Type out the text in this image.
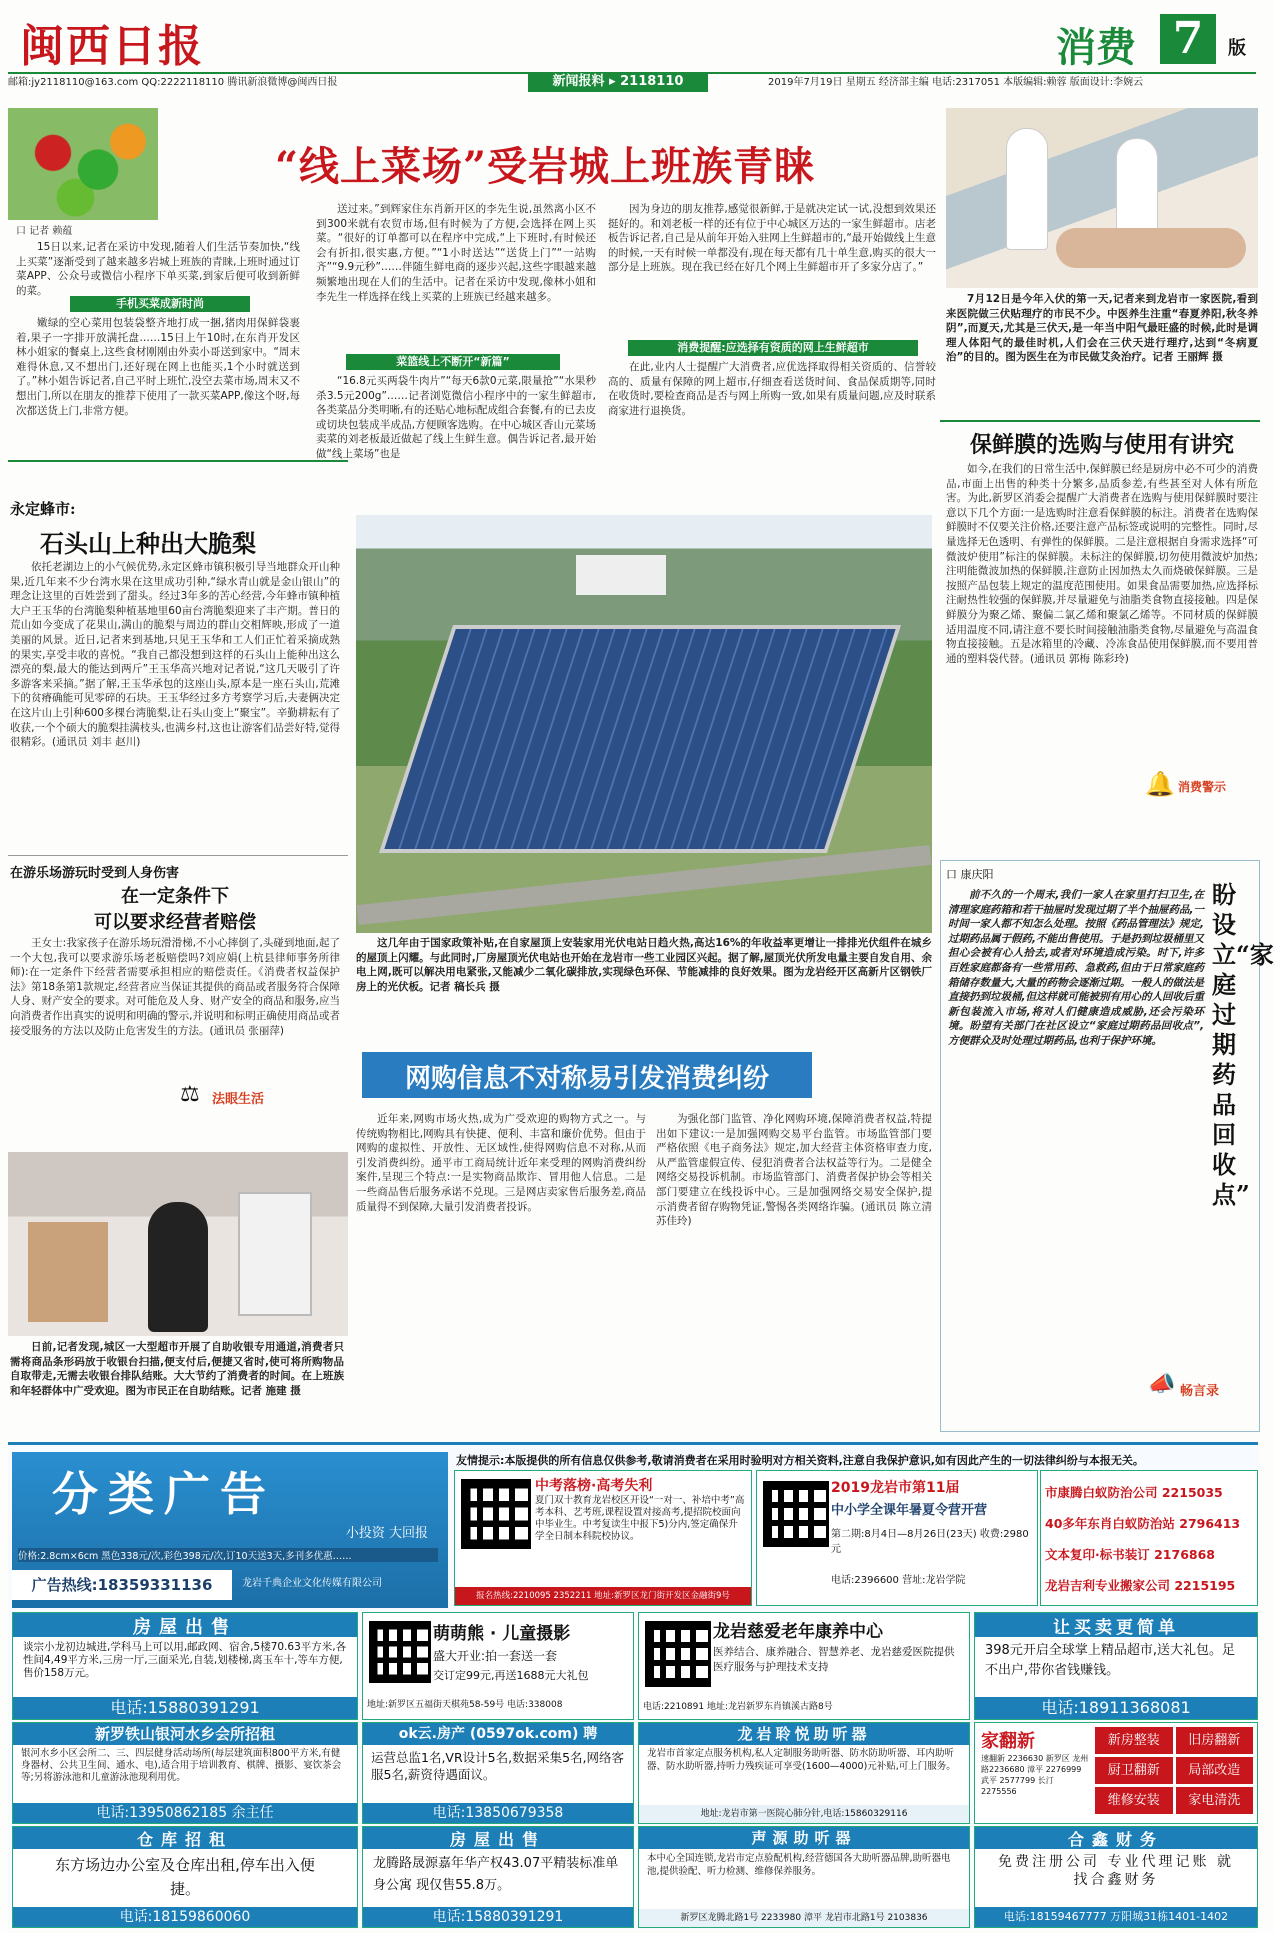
闽西日报	消费 7	版
邮箱:jy2118110@163.com QQ:2222118110 腾讯新浪微博@闽西日报	新闻报料 ▸ 2118110	2019年7月19日 星期五 经济部主编 电话:2317051 本版编辑:赖蓉 版面设计:李婉云
“线上菜场”受岩城上班族青睐
口 记者 赖蕴

15日以来,记者在采访中发现,随着人们生活节奏加快,“线上买菜”逐渐受到了越来越多岩城上班族的青睐,上班时通过订菜APP、公众号或微信小程序下单买菜,到家后便可收到新鲜的菜。

手机买菜成新时尚

嫩绿的空心菜用包装袋整齐地打成一捆,猪肉用保鲜袋裹着,果子一字排开放满托盘……15日上午10时,在东肖开发区林小姐家的餐桌上,这些食材刚刚由外卖小哥送到家中。“周末难得休息,又不想出门,还好现在网上也能买,1个小时就送到了。”林小姐告诉记者,自己平时上班忙,没空去菜市场,周末又不想出门,所以在朋友的推荐下使用了一款买菜APP,像这个呀,每次都送货上门,非常方便。

送过来。”到辉家住东肖新开区的李先生说,虽然离小区不到300米就有农贸市场,但有时候为了方便,会选择在网上买菜。“很好的订单都可以在程序中完成,“上下班时,有时候还会有折扣,很实惠,方便。”“1小时送达”“送货上门”“一站购齐”“9.9元秒”……伴随生鲜电商的逐步兴起,这些字眼越来越频繁地出现在人们的生活中。记者在采访中发现,像林小姐和李先生一样选择在线上买菜的上班族已经越来越多。

菜篮线上不断开“新篇”

“16.8元买两袋牛肉片”“每天6款0元菜,限量抢”“水果秒杀3.5元200g”……记者浏览微信小程序中的一家生鲜超市,各类菜品分类明晰,有的还贴心地标配成组合套餐,有的已去皮或切块包装成半成品,方便顾客选购。在中心城区香山元菜场卖菜的刘老板最近做起了线上生鲜生意。偶告诉记者,最开始做“线上菜场”也是

因为身边的朋友推荐,感觉很新鲜,于是就决定试一试,没想到效果还挺好的。和刘老板一样的还有位于中心城区万达的一家生鲜超市。店老板告诉记者,自己是从前年开始入驻网上生鲜超市的,“最开始做线上生意的时候,一天有时候一单都没有,现在每天都有几十单生意,购买的很大一部分是上班族。现在我已经在好几个网上生鲜超市开了多家分店了。”

消费提醒:应选择有资质的网上生鲜超市

在此,业内人士提醒广大消费者,应优选择取得相关资质的、信誉较高的、质量有保障的网上超市,仔细查看送货时间、食品保质期等,同时在收货时,要检查商品是否与网上所购一致,如果有质量问题,应及时联系商家进行退换货。

7月12日是今年入伏的第一天,记者来到龙岩市一家医院,看到来医院做三伏贴理疗的市民不少。中医养生注重“春夏养阳,秋冬养阴”,而夏天,尤其是三伏天,是一年当中阳气最旺盛的时候,此时是调理人体阳气的最佳时机,人们会在三伏天进行理疗,达到“冬病夏治”的目的。图为医生在为市民做艾灸治疗。记者 王丽辉 摄

保鲜膜的选购与使用有讲究

如今,在我们的日常生活中,保鲜膜已经是厨房中必不可少的消费品,市面上出售的种类十分繁多,品质参差,有些甚至对人体有所危害。为此,新罗区消委会提醒广大消费者在选购与使用保鲜膜时要注意以下几个方面:一是选购时注意看保鲜膜的标注。消费者在选购保鲜膜时不仅要关注价格,还要注意产品标签或说明的完整性。同时,尽量选择无色透明、有弹性的保鲜膜。二是注意根据自身需求选择“可微波炉使用”标注的保鲜膜。未标注的保鲜膜,切勿使用微波炉加热;注明能微波加热的保鲜膜,注意防止因加热太久而烧破保鲜膜。三是按照产品包装上规定的温度范围使用。如果食品需要加热,应选择标注耐热性较强的保鲜膜,并尽量避免与油脂类食物直接接触。四是保鲜膜分为聚乙烯、聚偏二氯乙烯和聚氯乙烯等。不同材质的保鲜膜适用温度不同,请注意不要长时间接触油脂类食物,尽量避免与高温食物直接接触。五是冰箱里的冷藏、冷冻食品使用保鲜膜,而不要用普通的塑料袋代替。(通讯员 郭梅 陈彩玲)

🔔 消费警示
永定蜂市:
石头山上种出大脆梨

依托老湖边上的小气候优势,永定区蜂市镇积极引导当地群众开山种果,近几年来不少台湾水果在这里成功引种,“绿水青山就是金山银山”的理念让这里的百姓尝到了甜头。经过3年多的苦心经营,今年蜂市镇种植大户王玉华的台湾脆梨种植基地里60亩台湾脆梨迎来了丰产期。普日的荒山如今变成了花果山,满山的脆梨与周边的群山交相辉映,形成了一道美丽的风景。近日,记者来到基地,只见王玉华和工人们正忙着采摘成熟的果实,享受丰收的喜悦。“我自己都没想到这样的石头山上能种出这么漂亮的梨,最大的能达到两斤”王玉华高兴地对记者说,“这几天吸引了许多游客来采摘。”据了解,王玉华承包的这座山头,原本是一座石头山,荒滩下的贫瘠确能可见零碎的石块。王玉华经过多方考察学习后,夫妻俩决定在这片山上引种600多棵台湾脆梨,让石头山变上“聚宝”。辛勤耕耘有了收获,一个个硕大的脆梨挂满枝头,也满乡村,这也让游客们品尝好特,觉得很精彩。(通讯员 刘丰 赵川)

在游乐场游玩时受到人身伤害
在一定条件下
可以要求经营者赔偿

王女士:我家孩子在游乐场玩滑滑梯,不小心摔倒了,头碰到地面,起了一个大包,我可以要求游乐场老板赔偿吗?刘应娟(上杭县律师事务所律师):在一定条件下经营者需要承担相应的赔偿责任。《消费者权益保护法》第18条第1款规定,经营者应当保证其提供的商品或者服务符合保障人身、财产安全的要求。对可能危及人身、财产安全的商品和服务,应当向消费者作出真实的说明和明确的警示,并说明和标明正确使用商品或者接受服务的方法以及防止危害发生的方法。(通讯员 张丽萍)

⚖ 法眼生活

日前,记者发现,城区一大型超市开展了自助收银专用通道,消费者只需将商品条形码放于收银台扫描,便支付后,便捷又省时,使可将所购物品自取带走,无需去收银台排队结账。大大节约了消费者的时间。在上班族和年轻群体中广受欢迎。图为市民正在自助结账。记者 施建 摄

这几年由于国家政策补贴,在自家屋顶上安装家用光伏电站日趋火热,高达16%的年收益率更增让一排排光伏组件在城乡的屋顶上闪耀。与此同时,厂房屋顶光伏电站也开始在龙岩市一些工业园区兴起。据了解,屋顶光伏所发电量主要自发自用、余电上网,既可以解决用电紧张,又能减少二氧化碳排放,实现绿色环保、节能减排的良好效果。图为龙岩经开区高新片区钢铁厂房上的光伏板。记者 稿长兵 摄

网购信息不对称易引发消费纠纷

近年来,网购市场火热,成为广受欢迎的购物方式之一。与传统购物相比,网购具有快捷、便利、丰富和廉价优势。但由于网购的虚拟性、开放性、无区域性,使得网购信息不对称,从而引发消费纠纷。通平市工商局统计近年来受理的网购消费纠纷案件,呈现三个特点:一是实物商品欺诈、冒用他人信息。二是一些商品售后服务承诺不兑现。三是网店卖家售后服务差,商品质量得不到保障,大量引发消费者投诉。

为强化部门监管、净化网购环境,保障消费者权益,特提出如下建议:一是加强网购交易平台监管。市场监管部门要严格依照《电子商务法》规定,加大经营主体资格审查力度,从严监管虚假宣传、侵犯消费者合法权益等行为。二是健全网络交易投诉机制。市场监管部门、消费者保护协会等相关部门要建立在线投诉中心。三是加强网络交易安全保护,提示消费者留存购物凭证,警惕各类网络诈骗。(通讯员 陈立清 苏佳玲)

口 康庆阳
盼设立“家庭过期药品回收点”

前不久的一个周末,我们一家人在家里打扫卫生,在清理家庭药箱和若干抽屉时发现过期了半个抽屉药品,一时间一家人都不知怎么处理。按照《药品管理法》规定,过期药品属于假药,不能出售使用。于是扔到垃圾桶里又担心会被有心人拾去,或者对环境造成污染。时下,许多百姓家庭都备有一些常用药、急救药,但由于日常家庭药箱储存数量大,大量的药物会逐渐过期。一般人的做法是直接扔到垃圾桶,但这样就可能被别有用心的人回收后重新包装流入市场,将对人们健康造成威胁,还会污染环境。盼望有关部门在社区设立“家庭过期药品回收点”,方便群众及时处理过期药品,也利于保护环境。

📣 畅言录
友情提示:本版提供的所有信息仅供参考,敬请消费者在采用时验明对方相关资料,注意自我保护意识,如有因此产生的一切法律纠纷与本报无关。
分类广告
小投资 大回报
价格:2.8cm×6cm 黑色338元/次,彩色398元/次,订10天送3天,多刊多优惠……
广告热线:18359331136	龙岩千典企业文化传媒有限公司
中考落榜·高考失利
夏门双十教育龙岩校区开设“一对一、补培中考”高考本科、艺考班,课程设置对接高考,提招院校面向中毕业生。中考复读生中报下5)分内,签定确保升学全日制本科院校协议。
报名热线:2210095 2352211 地址:新罗区龙门街开发区金融街9号
2019龙岩市第11届
中小学全课年暑夏令营开营
第二期:8月4日—8月26日(23天) 收费:2980元
电话:2396600 营址:龙岩学院
市康腾白蚁防治公司 2215035
40多年东肖白蚁防治站 2796413
文本复印·标书装订 2176868
龙岩吉利专业搬家公司 2215195
房屋出售
谈宗小龙初边城进,学科马上可以用,邮政网、宿舍,5楼70.63平方米,各性间4,49平方米,三房一厅,三面采光,自装,划楼梯,离玉车十,等车方便,售价158万元。
电话:15880391291
萌萌熊 · 儿童摄影
盛大开业:拍一套送一套
交订定99元,再送1688元大礼包
地址:新罗区五福街天棋苑58-59号 电话:338008
龙岩慈爱老年康养中心
医养结合、康养融合、智慧养老、龙岩慈爱医院提供医疗服务与护理技术支持
电话:2210891 地址:龙岩新罗东肖镇溪古路8号
让买卖更简单
398元开启全球掌上精品超市,送大礼包。足不出户,带你省钱赚钱。
电话:18911368081
新罗铁山银河水乡会所招租
银河水乡小区会所二、三、四层健身活动场所(每层建筑面积800平方米,有健身器材、公共卫生间、通水、电),适合用于培训教育、棋牌、摄影、宴饮茶会等;另将游泳池和儿童游泳池现利用优。
电话:13950862185 余主任
ok云.房产 (0597ok.com) 聘
运营总监1名,VR设计5名,数据采集5名,网络客服5名,薪资待遇面议。
电话:13850679358
龙岩聆悦助听器
龙岩市首家定点服务机构,私人定制服务助听器、防水防助听器、耳内助听器、防水助听器,持听力残疾证可享受(1600—4000)元补贴,可上门服务。
地址:龙岩市第一医院心肺分针,电话:15860329116
家翻新
速翻新 2236630 新罗区 龙州路2236680 漳平 2276999 武平 2577799 长汀 2275556
新房整装	旧房翻新
厨卫翻新	局部改造
维修安装	家电清洗
仓库招租
东方场边办公室及仓库出租,停车出入便捷。
电话:18159860060
房屋出售
龙腾路晟源嘉年华产权43.07平精装标准单身公寓 现仅售55.8万。
电话:15880391291
声源助听器
本中心全国连锁,龙岩市定点验配机构,经营德国各大助听器品牌,助听器电池,提供验配、听力检测、维修保养服务。
新罗区龙腾北路1号 2233980 漳平 龙岩市北路1号 2103836
合鑫财务
免费注册公司 专业代理记账 就找合鑫财务
电话:18159467777 万阳城31栋1401-1402
